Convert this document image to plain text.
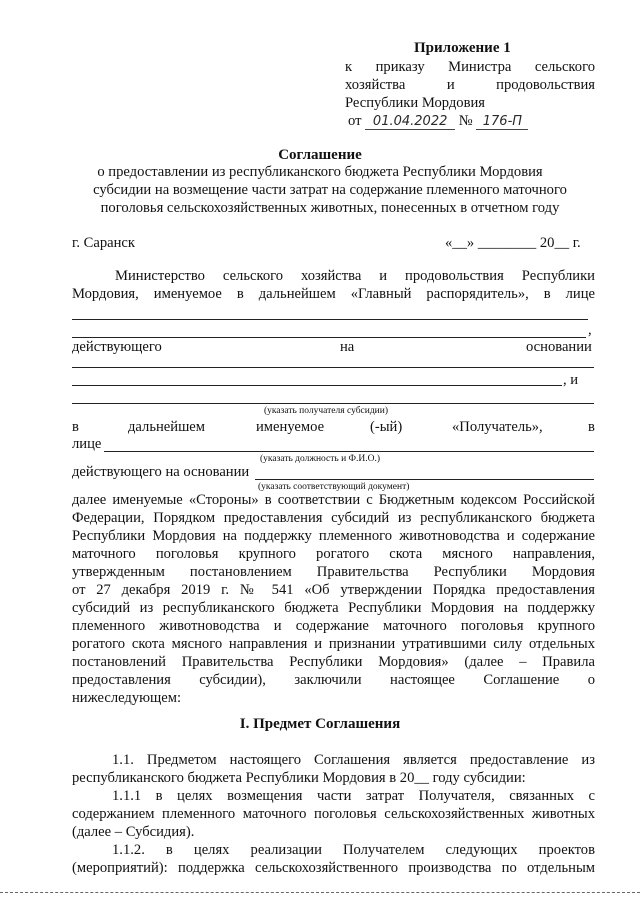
Приложение 1
к приказу Министра сельского
хозяйства и продовольствия
Республики Мордовия
от 01.04.2022 № 176-П
Соглашение
о предоставлении из республиканского бюджета Республики Мордовия
субсидии на возмещение части затрат на содержание племенного маточного
поголовья сельскохозяйственных животных, понесенных в отчетном году
г. Саранск	«__» ________ 20__ г.
Министерство сельского хозяйства и продовольствия Республики
Мордовия, именуемое в дальнейшем «Главный распорядитель», в лице
,
действующего	на	основании
, и
(указать получателя субсидии)
в	дальнейшем	именуемое	(-ый)	«Получатель»,	в
лице
(указать должность и Ф.И.О.)
действующего на основании
(указать соответствующий документ)
далее именуемые «Стороны» в соответствии с Бюджетным кодексом Российской
Федерации, Порядком предоставления субсидий из республиканского бюджета
Республики Мордовия на поддержку племенного животноводства и содержание
маточного поголовья крупного рогатого скота мясного направления,
утвержденным постановлением Правительства Республики Мордовия
от 27 декабря 2019 г. № 541 «Об утверждении Порядка предоставления
субсидий из республиканского бюджета Республики Мордовия на поддержку
племенного животноводства и содержание маточного поголовья крупного
рогатого скота мясного направления и признании утратившими силу отдельных
постановлений Правительства Республики Мордовия» (далее – Правила
предоставления субсидии), заключили настоящее Соглашение о
нижеследующем:
I. Предмет Соглашения
1.1. Предметом настоящего Соглашения является предоставление из
республиканского бюджета Республики Мордовия в 20__ году субсидии:
1.1.1 в целях возмещения части затрат Получателя, связанных с
содержанием племенного маточного поголовья сельскохозяйственных животных
(далее – Субсидия).
1.1.2. в целях реализации Получателем следующих проектов
(мероприятий): поддержка сельскохозяйственного производства по отдельным
